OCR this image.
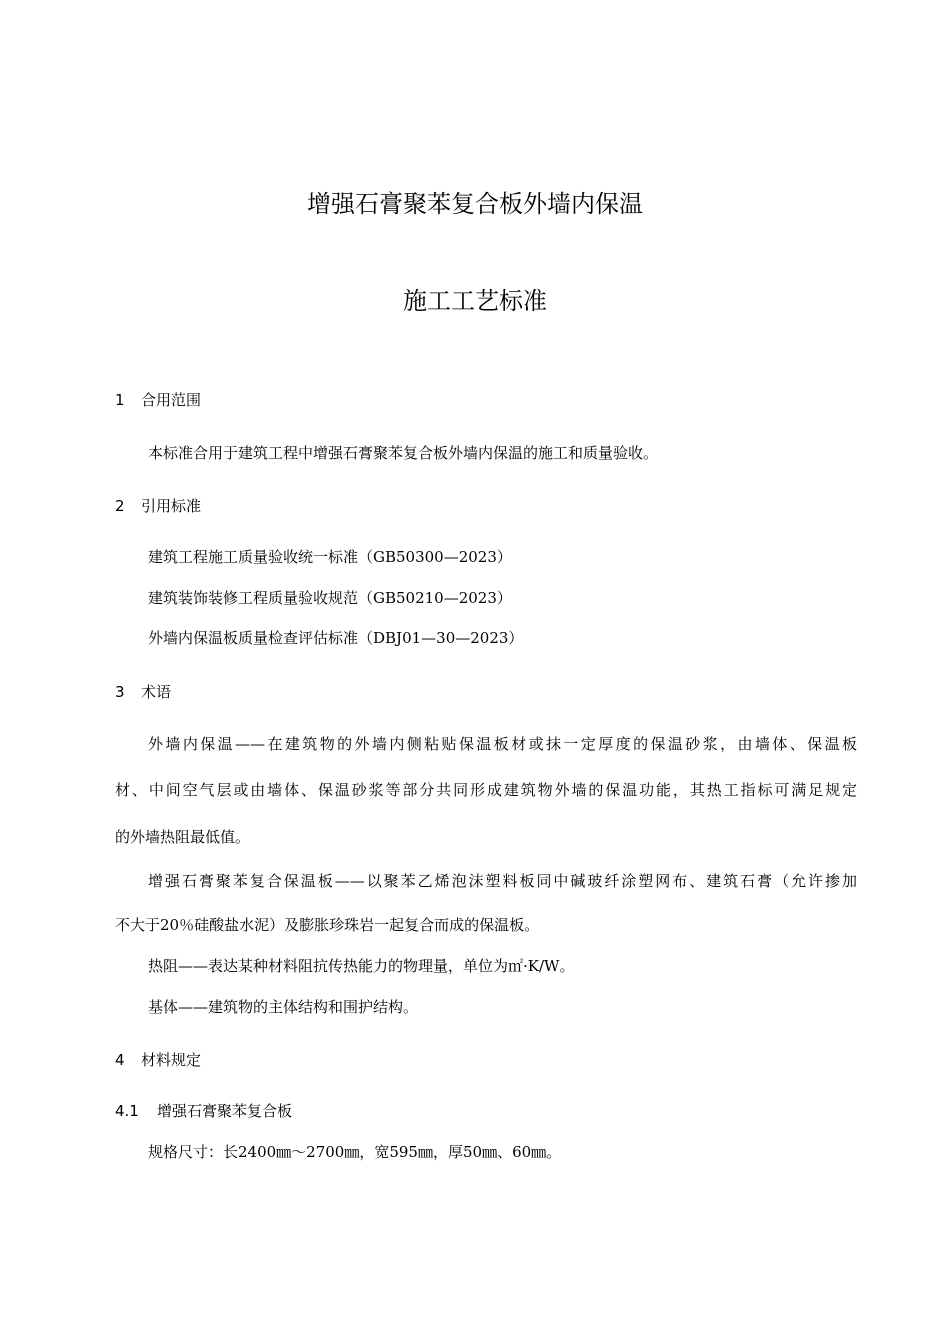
增强石膏聚苯复合板外墙内保温
施工工艺标准
1 合用范围
本标准合用于建筑工程中增强石膏聚苯复合板外墙内保温的施工和质量验收。
2 引用标准
建筑工程施工质量验收统一标准（GB50300—2023）
建筑装饰装修工程质量验收规范（GB50210—2023）
外墙内保温板质量检查评估标准（DBJ01—30—2023）
3 术语
外墙内保温——在建筑物的外墙内侧粘贴保温板材或抹一定厚度的保温砂浆，由墙体、保温板
材、中间空气层或由墙体、保温砂浆等部分共同形成建筑物外墙的保温功能，其热工指标可满足规定
的外墙热阻最低值。
增强石膏聚苯复合保温板——以聚苯乙烯泡沫塑料板同中碱玻纤涂塑网布、建筑石膏（允许掺加
不大于20％硅酸盐水泥）及膨胀珍珠岩一起复合而成的保温板。
热阻——表达某种材料阻抗传热能力的物理量，单位为㎡·K/W。
基体——建筑物的主体结构和围护结构。
4 材料规定
4.1 增强石膏聚苯复合板
规格尺寸：长2400㎜～2700㎜，宽595㎜，厚50㎜、60㎜。
